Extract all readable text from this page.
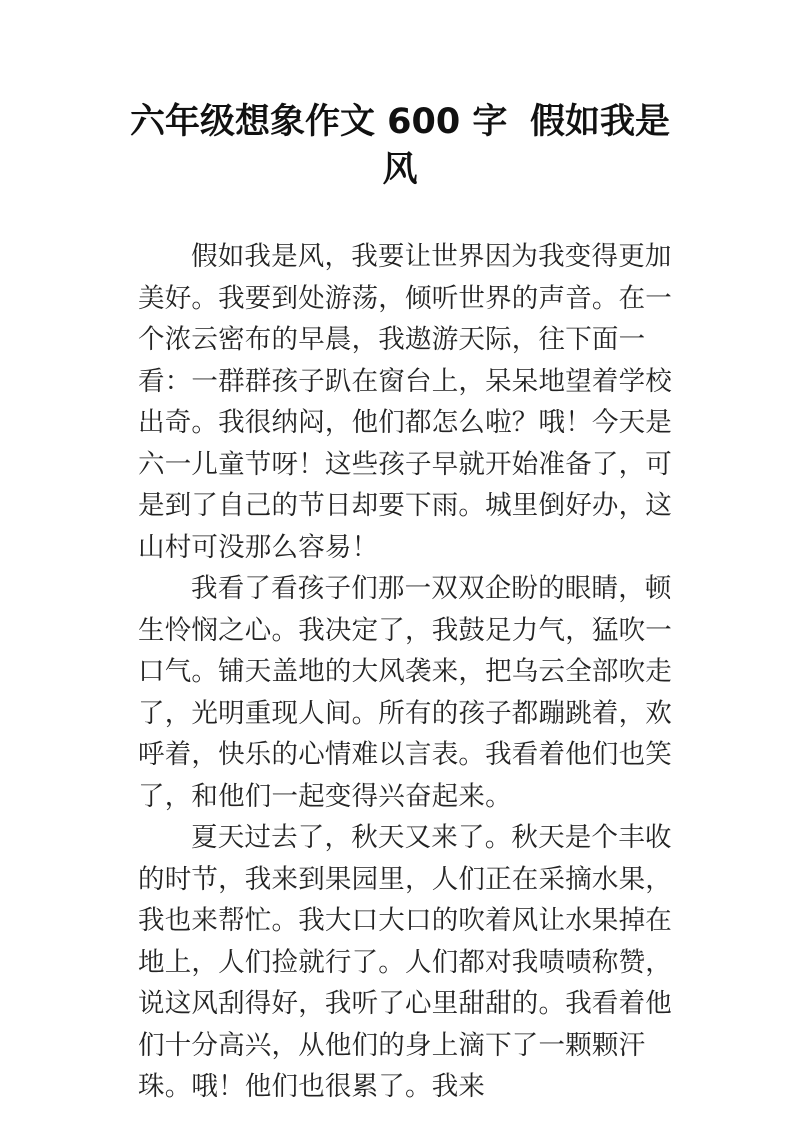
六年级想象作文 600 字 假如我是
风

假如我是风，我要让世界因为我变得更加美好。我要到处游荡，倾听世界的声音。在一个浓云密布的早晨，我遨游天际，往下面一看：一群群孩子趴在窗台上，呆呆地望着学校出奇。我很纳闷，他们都怎么啦？哦！今天是六一儿童节呀！这些孩子早就开始准备了，可是到了自己的节日却要下雨。城里倒好办，这山村可没那么容易！

我看了看孩子们那一双双企盼的眼睛，顿生怜悯之心。我决定了，我鼓足力气，猛吹一口气。铺天盖地的大风袭来，把乌云全部吹走了，光明重现人间。所有的孩子都蹦跳着，欢呼着，快乐的心情难以言表。我看着他们也笑了，和他们一起变得兴奋起来。

夏天过去了，秋天又来了。秋天是个丰收的时节，我来到果园里，人们正在采摘水果，我也来帮忙。我大口大口的吹着风让水果掉在地上，人们捡就行了。人们都对我啧啧称赞，说这风刮得好，我听了心里甜甜的。我看着他们十分高兴，从他们的身上滴下了一颗颗汗珠。哦！他们也很累了。我来
